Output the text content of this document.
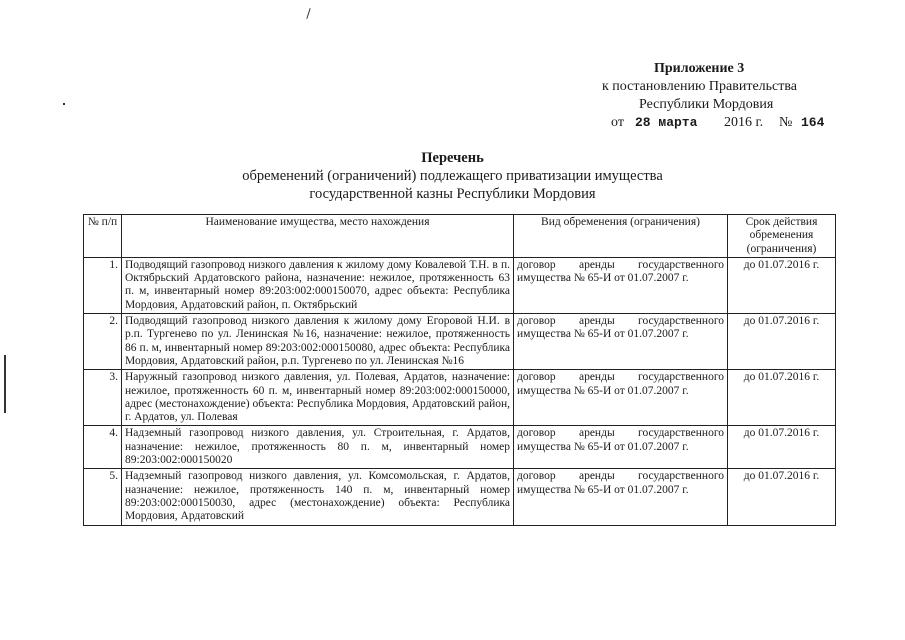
Приложение 3
к постановлению Правительства
Республики Мордовия
от 28 марта 2016 г. № 164
Перечень
обременений (ограничений) подлежащего приватизации имущества
государственной казны Республики Мордовия
№ п/п	Наименование имущества, место нахождения	Вид обременения (ограничения)	Срок действия обременения (ограничения)
1.	Подводящий газопровод низкого давления к жилому дому Ковалевой Т.Н. в п. Октябрьский Ардатовского района, назначение: нежилое, протяженность 63 п. м, инвентарный номер 89:203:002:000150070, адрес объекта: Республика Мордовия, Ардатовский район, п. Октябрьский	договор аренды государственного имущества № 65-И от 01.07.2007 г.	до 01.07.2016 г.
2.	Подводящий газопровод низкого давления к жилому дому Егоровой Н.И. в р.п. Тургенево по ул. Ленинская №16, назначение: нежилое, протяженность 86 п. м, инвентарный номер 89:203:002:000150080, адрес объекта: Республика Мордовия, Ардатовский район, р.п. Тургенево по ул. Ленинская №16	договор аренды государственного имущества № 65-И от 01.07.2007 г.	до 01.07.2016 г.
3.	Наружный газопровод низкого давления, ул. Полевая, Ардатов, назначение: нежилое, протяженность 60 п. м, инвентарный номер 89:203:002:000150000, адрес (местонахождение) объекта: Республика Мордовия, Ардатовский район, г. Ардатов, ул. Полевая	договор аренды государственного имущества № 65-И от 01.07.2007 г.	до 01.07.2016 г.
4.	Надземный газопровод низкого давления, ул. Строительная, г. Ардатов, назначение: нежилое, протяженность 80 п. м, инвентарный номер 89:203:002:000150020	договор аренды государственного имущества № 65-И от 01.07.2007 г.	до 01.07.2016 г.
5.	Надземный газопровод низкого давления, ул. Комсомольская, г. Ардатов, назначение: нежилое, протяженность 140 п. м, инвентарный номер 89:203:002:000150030, адрес (местонахождение) объекта: Республика Мордовия, Ардатовский	договор аренды государственного имущества № 65-И от 01.07.2007 г.	до 01.07.2016 г.
